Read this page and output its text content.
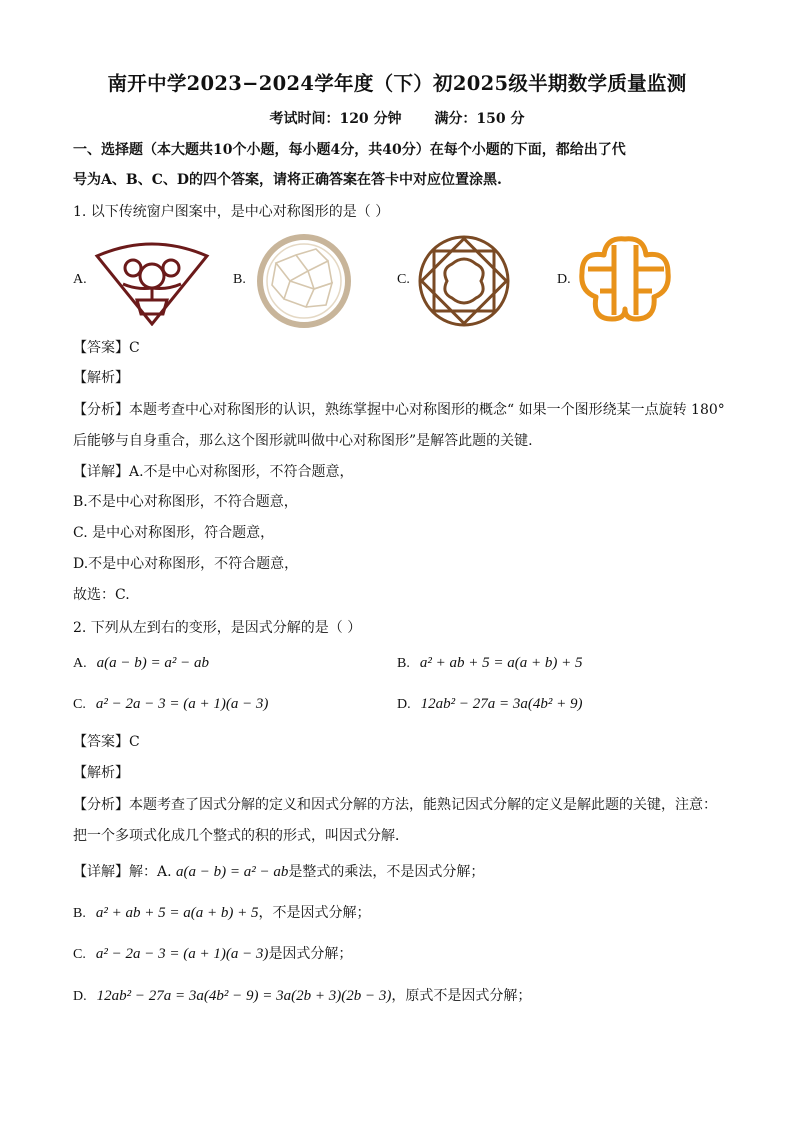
南开中学2023−2024学年度（下）初2025级半期数学质量监测
考试时间：120 分钟 满分：150 分
一、选择题（本大题共10个小题，每小题4分，共40分）在每个小题的下面，都给出了代
号为A、B、C、D的四个答案，请将正确答案在答卡中对应位置涂黑.
1. 以下传统窗户图案中，是中心对称图形的是（ ）
A.	B.	C.	D.
【答案】C
【解析】
【分析】本题考查中心对称图形的认识，熟练掌握中心对称图形的概念“ 如果一个图形绕某一点旋转 180°
后能够与自身重合，那么这个图形就叫做中心对称图形”是解答此题的关键.
【详解】A.不是中心对称图形，不符合题意，
B.不是中心对称图形，不符合题意，
C. 是中心对称图形，符合题意，
D.不是中心对称图形，不符合题意，
故选：C.
2. 下列从左到右的变形，是因式分解的是（ ）
A. a(a − b) = a² − ab	B. a² + ab + 5 = a(a + b) + 5
C. a² − 2a − 3 = (a + 1)(a − 3)	D. 12ab² − 27a = 3a(4b² + 9)
【答案】C
【解析】
【分析】本题考查了因式分解的定义和因式分解的方法，能熟记因式分解的定义是解此题的关键，注意：
把一个多项式化成几个整式的积的形式，叫因式分解．
【详解】解：A. a(a − b) = a² − ab是整式的乘法，不是因式分解；
B. a² + ab + 5 = a(a + b) + 5，不是因式分解；
C. a² − 2a − 3 = (a + 1)(a − 3)是因式分解；
D. 12ab² − 27a = 3a(4b² − 9) = 3a(2b + 3)(2b − 3)，原式不是因式分解；
